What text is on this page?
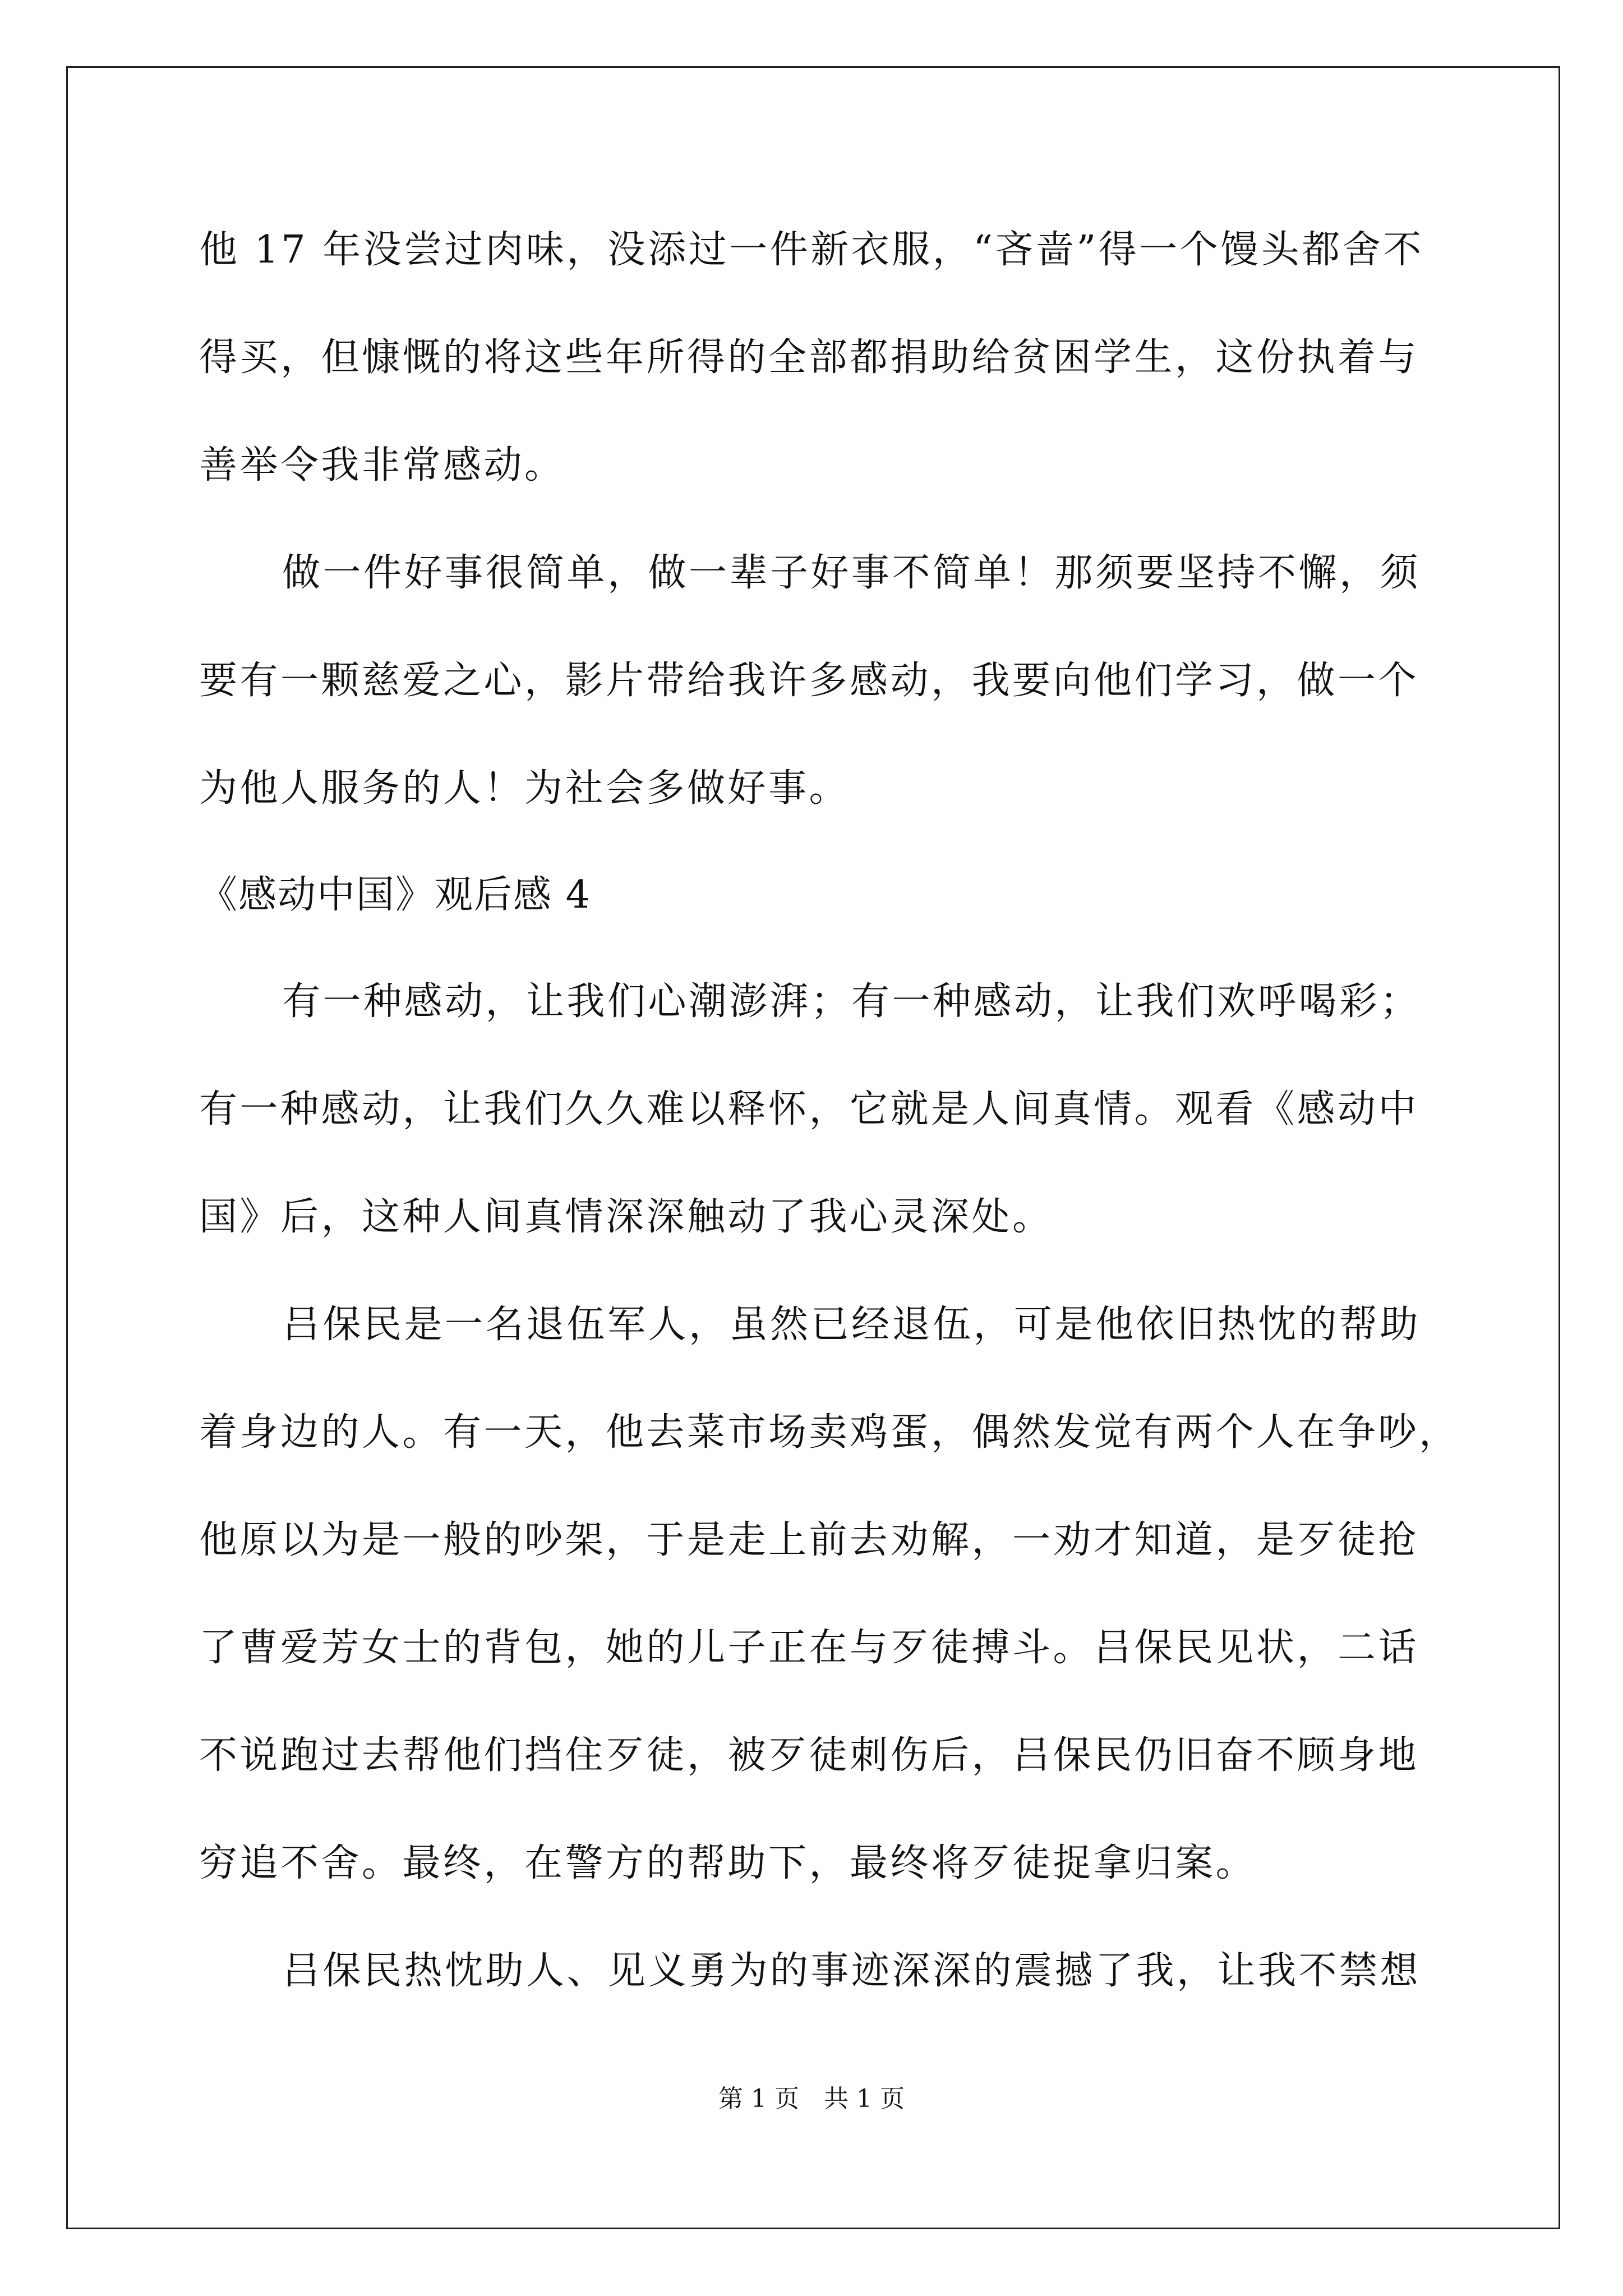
他 17 年没尝过肉味，没添过一件新衣服，“吝啬”得一个馒头都舍不
得买，但慷慨的将这些年所得的全部都捐助给贫困学生，这份执着与
善举令我非常感动。
做一件好事很简单，做一辈子好事不简单！那须要坚持不懈，须
要有一颗慈爱之心，影片带给我许多感动，我要向他们学习，做一个
为他人服务的人！为社会多做好事。
《感动中国》观后感 4
有一种感动，让我们心潮澎湃；有一种感动，让我们欢呼喝彩；
有一种感动，让我们久久难以释怀，它就是人间真情。观看《感动中
国》后，这种人间真情深深触动了我心灵深处。
吕保民是一名退伍军人，虽然已经退伍，可是他依旧热忱的帮助
着身边的人。有一天，他去菜市场卖鸡蛋，偶然发觉有两个人在争吵，
他原以为是一般的吵架，于是走上前去劝解，一劝才知道，是歹徒抢
了曹爱芳女士的背包，她的儿子正在与歹徒搏斗。吕保民见状，二话
不说跑过去帮他们挡住歹徒，被歹徒刺伤后，吕保民仍旧奋不顾身地
穷追不舍。最终，在警方的帮助下，最终将歹徒捉拿归案。
吕保民热忱助人、见义勇为的事迹深深的震撼了我，让我不禁想
第 1 页　共 1 页
